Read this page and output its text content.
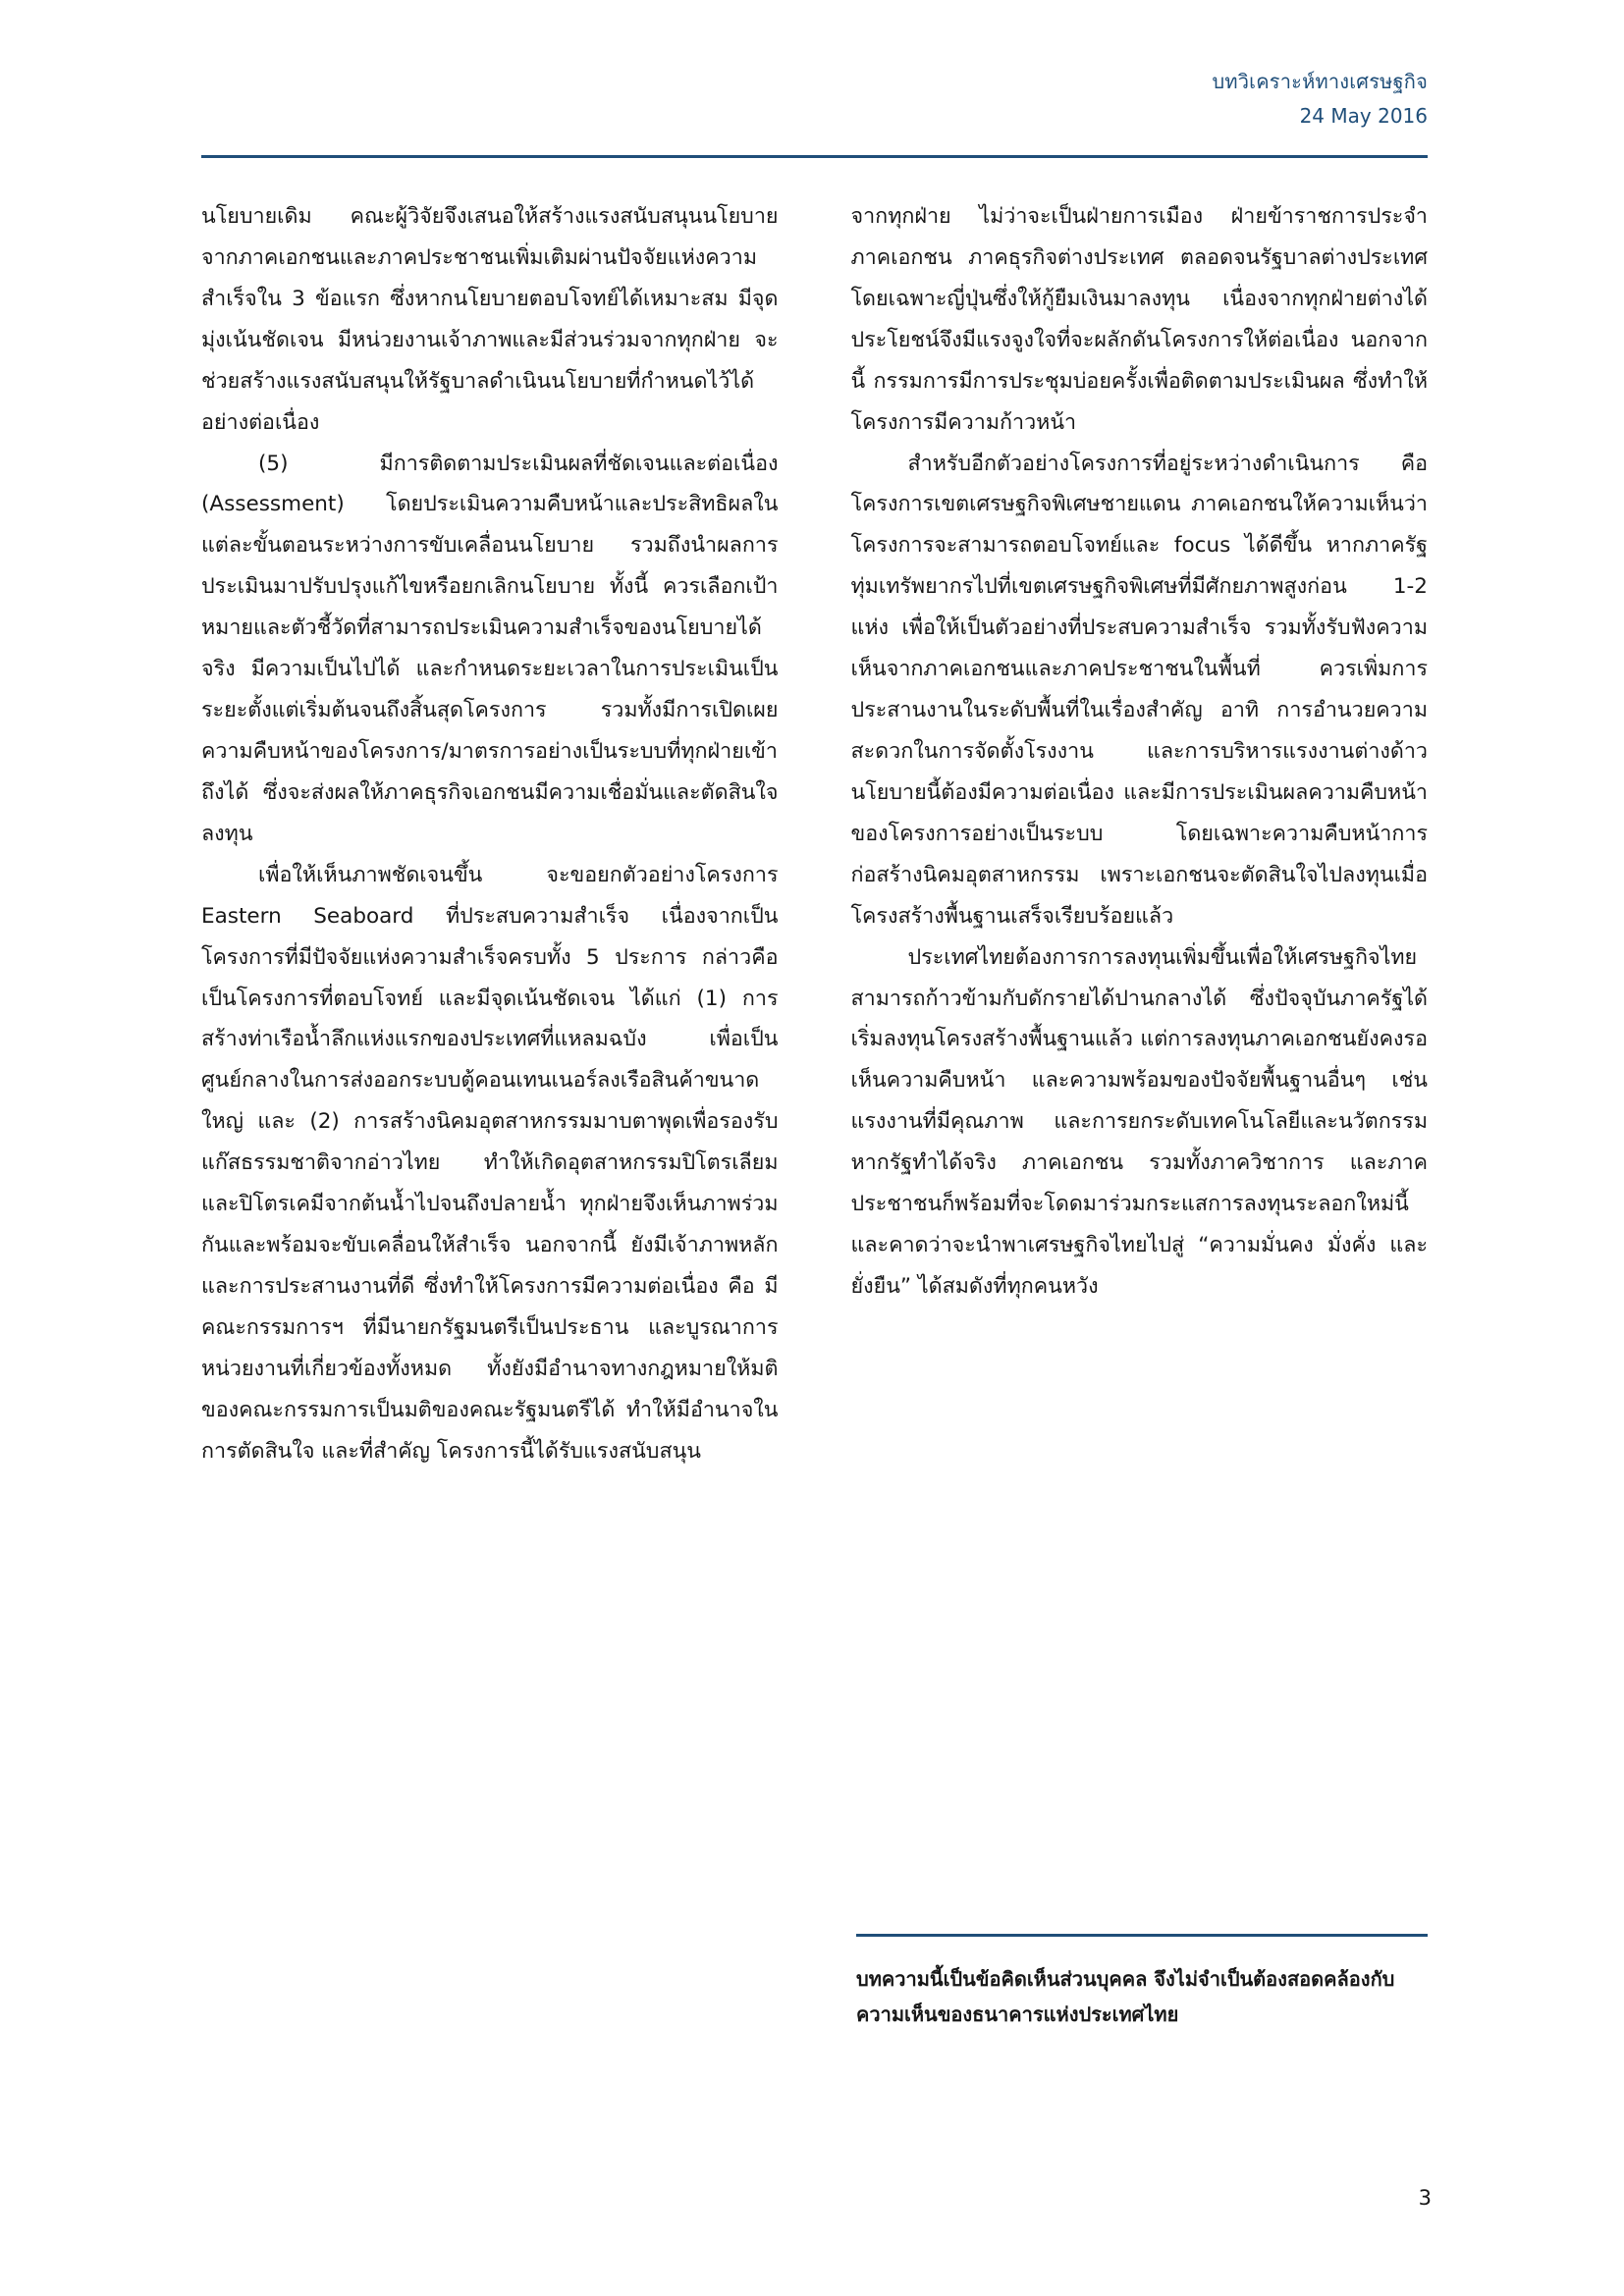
บทวิเคราะห์ทางเศรษฐกิจ
24 May 2016

นโยบายเดิม คณะผู้วิจัยจึงเสนอให้สร้างแรงสนับสนุนนโยบายจากภาคเอกชนและภาคประชาชนเพิ่มเติมผ่านปัจจัยแห่งความสำเร็จใน 3 ข้อแรก ซึ่งหากนโยบายตอบโจทย์ได้เหมาะสม มีจุดมุ่งเน้นชัดเจน มีหน่วยงานเจ้าภาพและมีส่วนร่วมจากทุกฝ่าย จะช่วยสร้างแรงสนับสนุนให้รัฐบาลดำเนินนโยบายที่กำหนดไว้ได้อย่างต่อเนื่อง

(5) มีการติดตามประเมินผลที่ชัดเจนและต่อเนื่อง (Assessment) โดยประเมินความคืบหน้าและประสิทธิผลในแต่ละขั้นตอนระหว่างการขับเคลื่อนนโยบาย รวมถึงนำผลการประเมินมาปรับปรุงแก้ไขหรือยกเลิกนโยบาย ทั้งนี้ ควรเลือกเป้าหมายและตัวชี้วัดที่สามารถประเมินความสำเร็จของนโยบายได้จริง มีความเป็นไปได้ และกำหนดระยะเวลาในการประเมินเป็นระยะตั้งแต่เริ่มต้นจนถึงสิ้นสุดโครงการ รวมทั้งมีการเปิดเผยความคืบหน้าของโครงการ/มาตรการอย่างเป็นระบบที่ทุกฝ่ายเข้าถึงได้ ซึ่งจะส่งผลให้ภาคธุรกิจเอกชนมีความเชื่อมั่นและตัดสินใจลงทุน

เพื่อให้เห็นภาพชัดเจนขึ้น จะขอยกตัวอย่างโครงการ Eastern Seaboard ที่ประสบความสำเร็จ เนื่องจากเป็นโครงการที่มีปัจจัยแห่งความสำเร็จครบทั้ง 5 ประการ กล่าวคือ เป็นโครงการที่ตอบโจทย์ และมีจุดเน้นชัดเจน ได้แก่ (1) การสร้างท่าเรือน้ำลึกแห่งแรกของประเทศที่แหลมฉบัง เพื่อเป็นศูนย์กลางในการส่งออกระบบตู้คอนเทนเนอร์ลงเรือสินค้าขนาดใหญ่ และ (2) การสร้างนิคมอุตสาหกรรมมาบตาพุดเพื่อรองรับแก๊สธรรมชาติจากอ่าวไทย ทำให้เกิดอุตสาหกรรมปิโตรเลียมและปิโตรเคมีจากต้นน้ำไปจนถึงปลายน้ำ ทุกฝ่ายจึงเห็นภาพร่วมกันและพร้อมจะขับเคลื่อนให้สำเร็จ นอกจากนี้ ยังมีเจ้าภาพหลักและการประสานงานที่ดี ซึ่งทำให้โครงการมีความต่อเนื่อง คือ มีคณะกรรมการฯ ที่มีนายกรัฐมนตรีเป็นประธาน และบูรณาการหน่วยงานที่เกี่ยวข้องทั้งหมด ทั้งยังมีอำนาจทางกฎหมายให้มติของคณะกรรมการเป็นมติของคณะรัฐมนตรีได้ ทำให้มีอำนาจในการตัดสินใจ และที่สำคัญ โครงการนี้ได้รับแรงสนับสนุน

จากทุกฝ่าย ไม่ว่าจะเป็นฝ่ายการเมือง ฝ่ายข้าราชการประจำ ภาคเอกชน ภาคธุรกิจต่างประเทศ ตลอดจนรัฐบาลต่างประเทศ โดยเฉพาะญี่ปุ่นซึ่งให้กู้ยืมเงินมาลงทุน เนื่องจากทุกฝ่ายต่างได้ประโยชน์จึงมีแรงจูงใจที่จะผลักดันโครงการให้ต่อเนื่อง นอกจากนี้ กรรมการมีการประชุมบ่อยครั้งเพื่อติดตามประเมินผล ซึ่งทำให้โครงการมีความก้าวหน้า

สำหรับอีกตัวอย่างโครงการที่อยู่ระหว่างดำเนินการ คือ โครงการเขตเศรษฐกิจพิเศษชายแดน ภาคเอกชนให้ความเห็นว่า โครงการจะสามารถตอบโจทย์และ focus ได้ดีขึ้น หากภาครัฐทุ่มเทรัพยากรไปที่เขตเศรษฐกิจพิเศษที่มีศักยภาพสูงก่อน 1-2 แห่ง เพื่อให้เป็นตัวอย่างที่ประสบความสำเร็จ รวมทั้งรับฟังความเห็นจากภาคเอกชนและภาคประชาชนในพื้นที่ ควรเพิ่มการประสานงานในระดับพื้นที่ในเรื่องสำคัญ อาทิ การอำนวยความสะดวกในการจัดตั้งโรงงาน และการบริหารแรงงานต่างด้าว นโยบายนี้ต้องมีความต่อเนื่อง และมีการประเมินผลความคืบหน้าของโครงการอย่างเป็นระบบ โดยเฉพาะความคืบหน้าการก่อสร้างนิคมอุตสาหกรรม เพราะเอกชนจะตัดสินใจไปลงทุนเมื่อโครงสร้างพื้นฐานเสร็จเรียบร้อยแล้ว

ประเทศไทยต้องการการลงทุนเพิ่มขึ้นเพื่อให้เศรษฐกิจไทยสามารถก้าวข้ามกับดักรายได้ปานกลางได้ ซึ่งปัจจุบันภาครัฐได้เริ่มลงทุนโครงสร้างพื้นฐานแล้ว แต่การลงทุนภาคเอกชนยังคงรอเห็นความคืบหน้า และความพร้อมของปัจจัยพื้นฐานอื่นๆ เช่น แรงงานที่มีคุณภาพ และการยกระดับเทคโนโลยีและนวัตกรรม หากรัฐทำได้จริง ภาคเอกชน รวมทั้งภาควิชาการ และภาคประชาชนก็พร้อมที่จะโดดมาร่วมกระแสการลงทุนระลอกใหม่นี้ และคาดว่าจะนำพาเศรษฐกิจไทยไปสู่ “ความมั่นคง มั่งคั่ง และยั่งยืน” ได้สมดังที่ทุกคนหวัง

บทความนี้เป็นข้อคิดเห็นส่วนบุคคล จึงไม่จำเป็นต้องสอดคล้องกับความเห็นของธนาคารแห่งประเทศไทย
3
